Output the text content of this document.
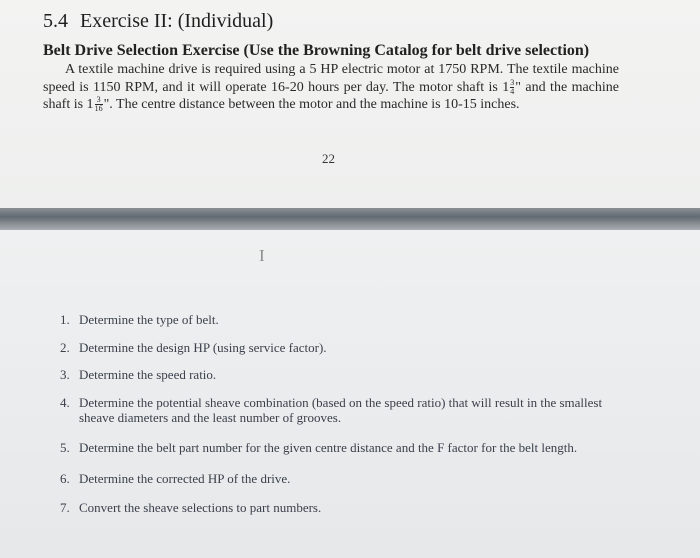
5.4 Exercise II: (Individual)
Belt Drive Selection Exercise (Use the Browning Catalog for belt drive selection)

A textile machine drive is required using a 5 HP electric motor at 1750 RPM. The textile machine speed is 1150 RPM, and it will operate 16-20 hours per day. The motor shaft is $1 \frac{3}{4}$ " and the machine shaft is $1 \frac{3}{16}$ ". The centre distance between the motor and the machine is 10-15 inches.

22

I
1. Determine the type of belt.
2. Determine the design HP (using service factor).
3. Determine the speed ratio.
4. Determine the potential sheave combination (based on the speed ratio) that will result in the smallest sheave diameters and the least number of grooves.
5. Determine the belt part number for the given centre distance and the F factor for the belt length.
6. Determine the corrected HP of the drive.
7. Convert the sheave selections to part numbers.
